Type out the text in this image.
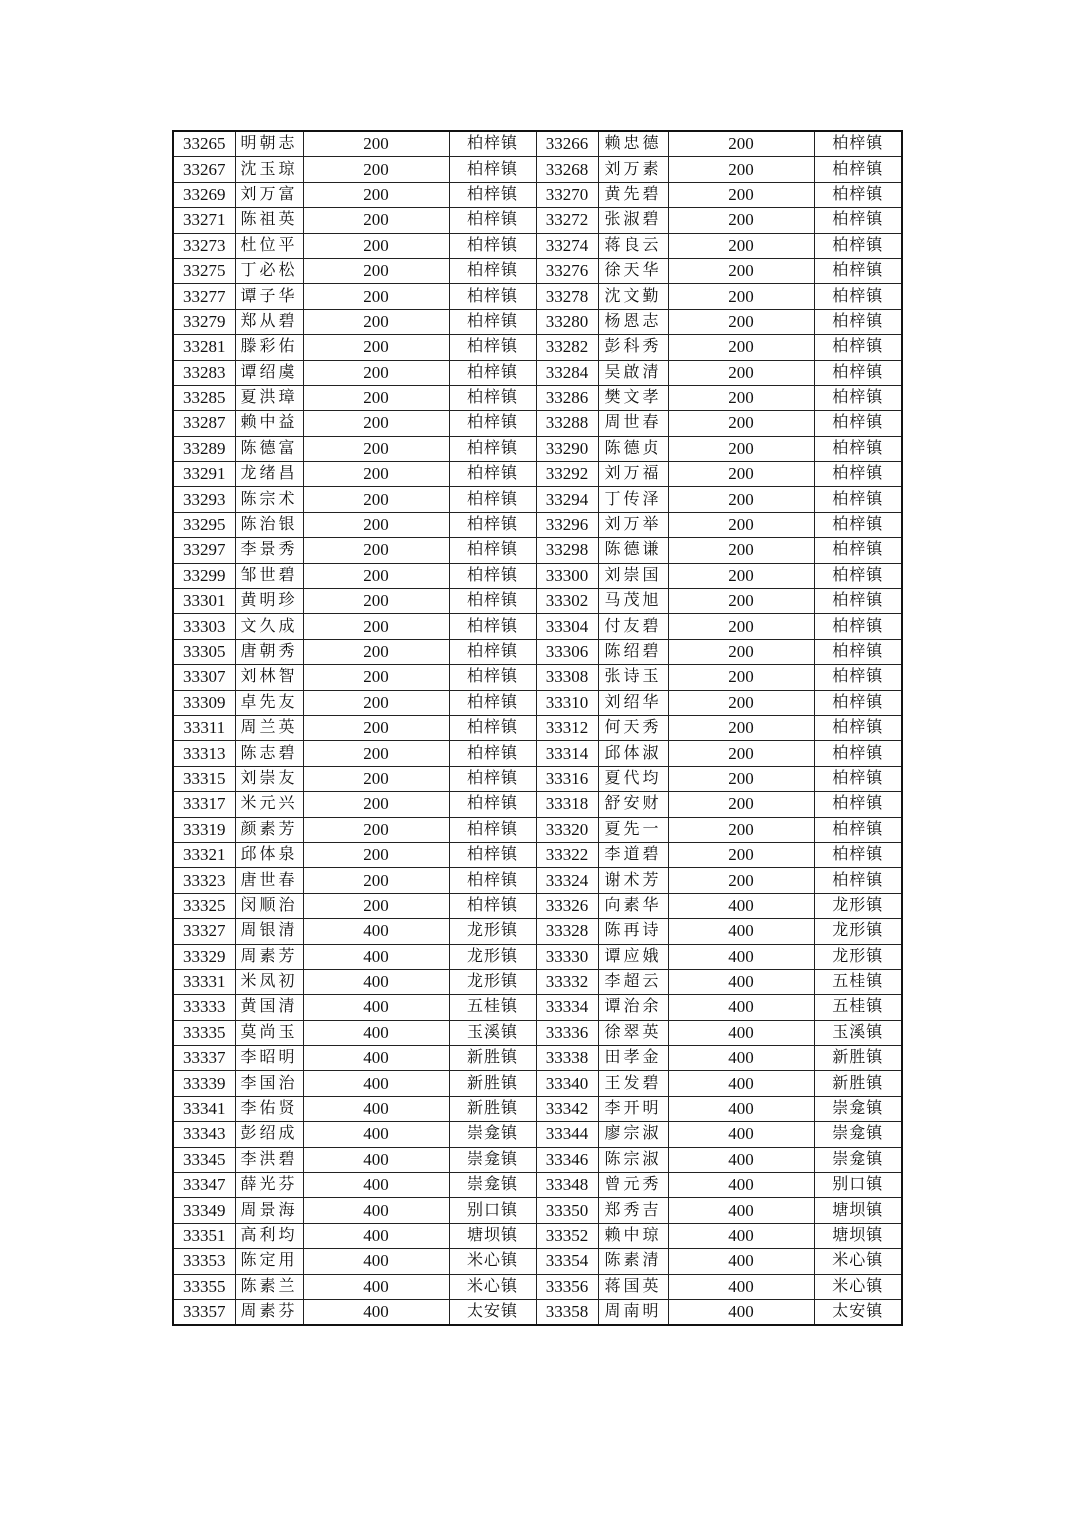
33265	明朝志	200	柏梓镇	33266	赖忠德	200	柏梓镇
33267	沈玉琼	200	柏梓镇	33268	刘万素	200	柏梓镇
33269	刘万富	200	柏梓镇	33270	黄先碧	200	柏梓镇
33271	陈祖英	200	柏梓镇	33272	张淑碧	200	柏梓镇
33273	杜位平	200	柏梓镇	33274	蒋良云	200	柏梓镇
33275	丁必松	200	柏梓镇	33276	徐天华	200	柏梓镇
33277	谭子华	200	柏梓镇	33278	沈文勤	200	柏梓镇
33279	郑从碧	200	柏梓镇	33280	杨恩志	200	柏梓镇
33281	滕彩佑	200	柏梓镇	33282	彭科秀	200	柏梓镇
33283	谭绍虞	200	柏梓镇	33284	吴啟清	200	柏梓镇
33285	夏洪璋	200	柏梓镇	33286	樊文孝	200	柏梓镇
33287	赖中益	200	柏梓镇	33288	周世春	200	柏梓镇
33289	陈德富	200	柏梓镇	33290	陈德贞	200	柏梓镇
33291	龙绪昌	200	柏梓镇	33292	刘万福	200	柏梓镇
33293	陈宗术	200	柏梓镇	33294	丁传泽	200	柏梓镇
33295	陈治银	200	柏梓镇	33296	刘万举	200	柏梓镇
33297	李景秀	200	柏梓镇	33298	陈德谦	200	柏梓镇
33299	邹世碧	200	柏梓镇	33300	刘崇国	200	柏梓镇
33301	黄明珍	200	柏梓镇	33302	马茂旭	200	柏梓镇
33303	文久成	200	柏梓镇	33304	付友碧	200	柏梓镇
33305	唐朝秀	200	柏梓镇	33306	陈绍碧	200	柏梓镇
33307	刘林智	200	柏梓镇	33308	张诗玉	200	柏梓镇
33309	卓先友	200	柏梓镇	33310	刘绍华	200	柏梓镇
33311	周兰英	200	柏梓镇	33312	何天秀	200	柏梓镇
33313	陈志碧	200	柏梓镇	33314	邱体淑	200	柏梓镇
33315	刘崇友	200	柏梓镇	33316	夏代均	200	柏梓镇
33317	米元兴	200	柏梓镇	33318	舒安财	200	柏梓镇
33319	颜素芳	200	柏梓镇	33320	夏先一	200	柏梓镇
33321	邱体泉	200	柏梓镇	33322	李道碧	200	柏梓镇
33323	唐世春	200	柏梓镇	33324	谢术芳	200	柏梓镇
33325	闵顺治	200	柏梓镇	33326	向素华	400	龙形镇
33327	周银清	400	龙形镇	33328	陈再诗	400	龙形镇
33329	周素芳	400	龙形镇	33330	谭应娥	400	龙形镇
33331	米凤初	400	龙形镇	33332	李超云	400	五桂镇
33333	黄国清	400	五桂镇	33334	谭治余	400	五桂镇
33335	莫尚玉	400	玉溪镇	33336	徐翠英	400	玉溪镇
33337	李昭明	400	新胜镇	33338	田孝金	400	新胜镇
33339	李国治	400	新胜镇	33340	王发碧	400	新胜镇
33341	李佑贤	400	新胜镇	33342	李开明	400	崇龛镇
33343	彭绍成	400	崇龛镇	33344	廖宗淑	400	崇龛镇
33345	李洪碧	400	崇龛镇	33346	陈宗淑	400	崇龛镇
33347	薛光芬	400	崇龛镇	33348	曾元秀	400	别口镇
33349	周景海	400	别口镇	33350	郑秀吉	400	塘坝镇
33351	高利均	400	塘坝镇	33352	赖中琼	400	塘坝镇
33353	陈定用	400	米心镇	33354	陈素清	400	米心镇
33355	陈素兰	400	米心镇	33356	蒋国英	400	米心镇
33357	周素芬	400	太安镇	33358	周南明	400	太安镇
